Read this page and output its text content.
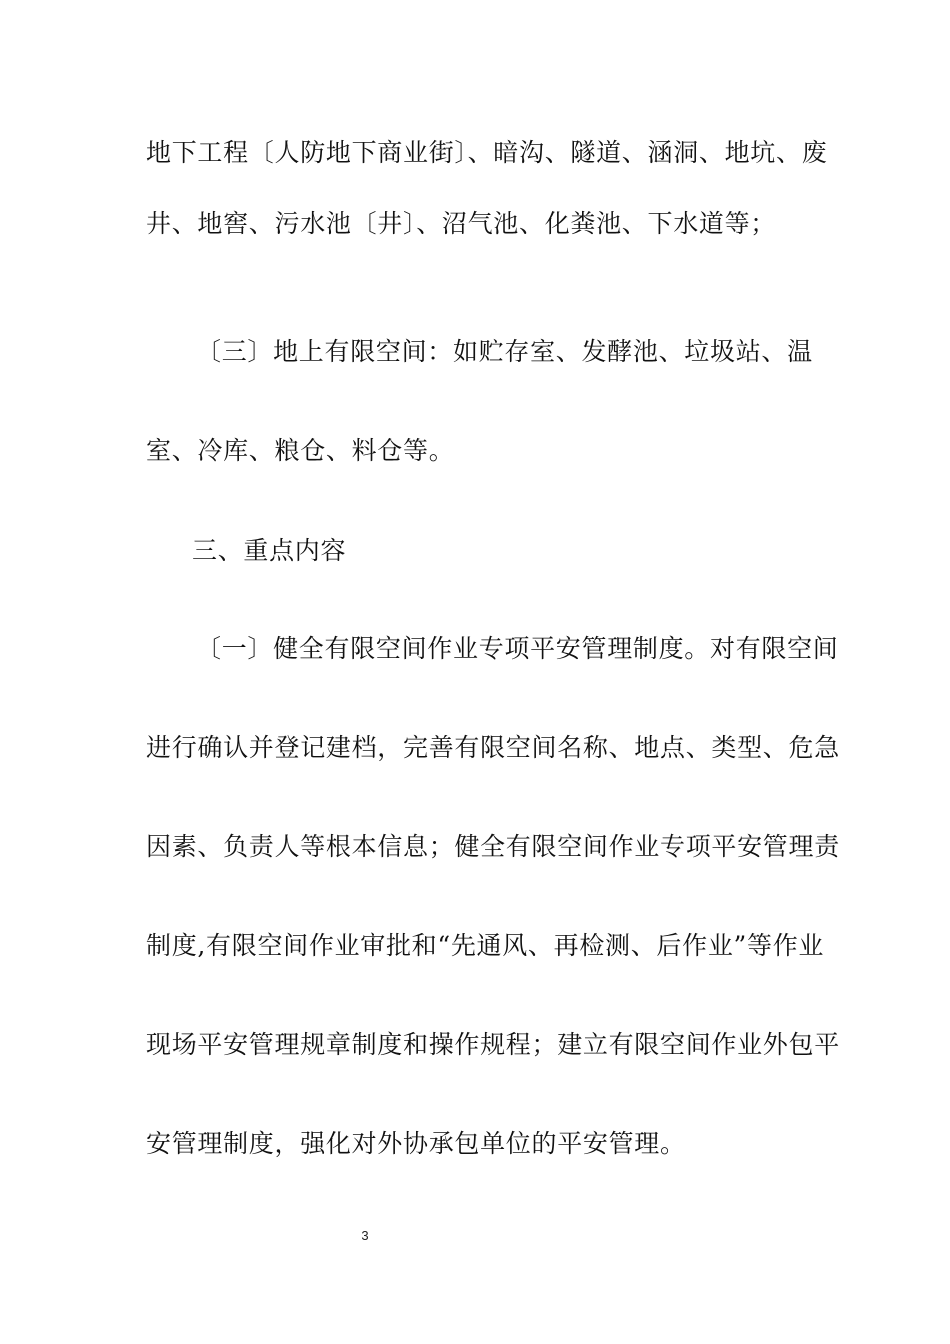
地下工程〔人防地下商业街〕、暗沟、隧道、涵洞、地坑、废
井、地窖、污水池〔井〕、沼气池、化粪池、下水道等；
〔三〕地上有限空间：如贮存室、发酵池、垃圾站、温
室、冷库、粮仓、料仓等。
三、重点内容
〔一〕健全有限空间作业专项平安管理制度。对有限空间
进行确认并登记建档，完善有限空间名称、地点、类型、危急
因素、负责人等根本信息；健全有限空间作业专项平安管理责
制度,有限空间作业审批和“先通风、再检测、后作业”等作业
现场平安管理规章制度和操作规程；建立有限空间作业外包平
安管理制度，强化对外协承包单位的平安管理。
3
